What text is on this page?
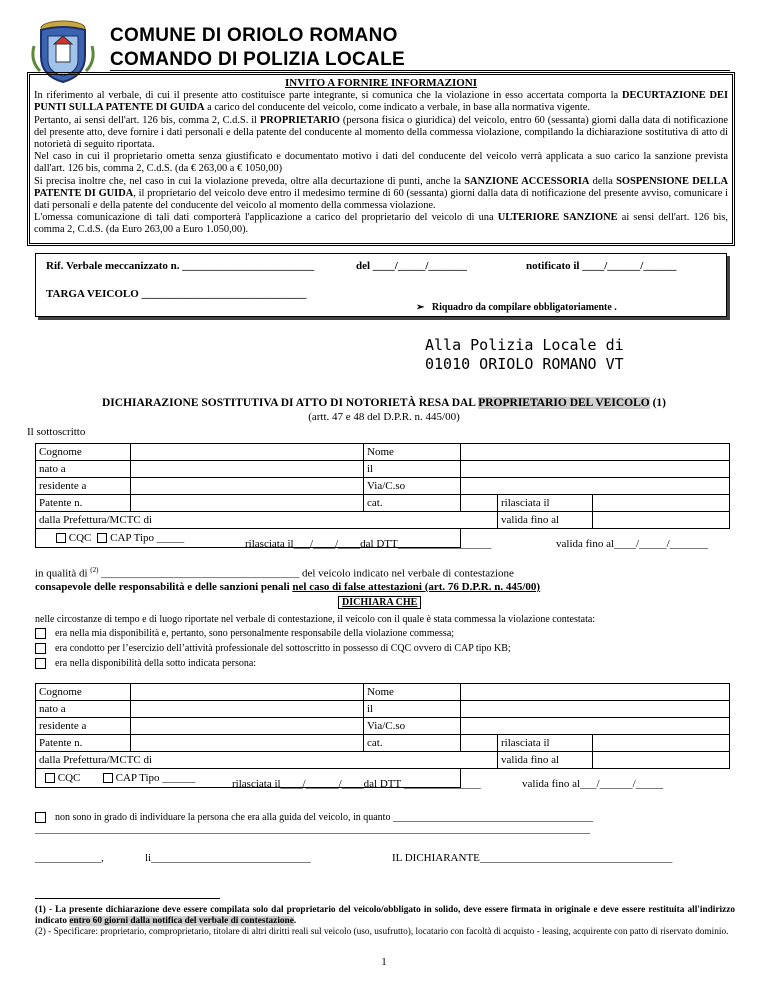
COMUNE DI ORIOLO ROMANO
COMANDO DI POLIZIA LOCALE
INVITO A FORNIRE INFORMAZIONI

In riferimento al verbale, di cui il presente atto costituisce parte integrante, si comunica che la violazione in esso accertata comporta la DECURTAZIONE DEI PUNTI SULLA PATENTE DI GUIDA a carico del conducente del veicolo, come indicato a verbale, in base alla normativa vigente.

Pertanto, ai sensi dell'art. 126 bis, comma 2, C.d.S. il PROPRIETARIO (persona fisica o giuridica) del veicolo, entro 60 (sessanta) giorni dalla data di notificazione del presente atto, deve fornire i dati personali e della patente del conducente al momento della commessa violazione, compilando la dichiarazione sostitutiva di atto di notorietà di seguito riportata.

Nel caso in cui il proprietario ometta senza giustificato e documentato motivo i dati del conducente del veicolo verrà applicata a suo carico la sanzione prevista dall'art. 126 bis, comma 2, C.d.S. (da € 263,00 a € 1050,00)

Si precisa inoltre che, nel caso in cui la violazione preveda, oltre alla decurtazione di punti, anche la SANZIONE ACCESSORIA della SOSPENSIONE DELLA PATENTE DI GUIDA, il proprietario del veicolo deve entro il medesimo termine di 60 (sessanta) giorni dalla data di notificazione del presente avviso, comunicare i dati personali e della patente del conducente del veicolo al momento della commessa violazione.

L'omessa comunicazione di tali dati comporterà l'applicazione a carico del proprietario del veicolo di una ULTERIORE SANZIONE ai sensi dell'art. 126 bis, comma 2, C.d.S. (da Euro 263,00 a Euro 1.050,00).

Rif. Verbale meccanizzato n. ________________________	del ____/_____/_______	notificato il ____/______/______
TARGA VEICOLO ______________________________
➢ Riquadro da compilare obbligatoriamente .
Alla Polizia Locale di
01010 ORIOLO ROMANO VT
DICHIARAZIONE SOSTITUTIVA DI ATTO DI NOTORIETÀ RESA DAL PROPRIETARIO DEL VEICOLO (1)
(artt. 47 e 48 del D.P.R. n. 445/00)
Il sottoscritto
Cognome		Nome			
nato a		il			
residente a		Via/C.so			
Patente n.		cat.		rilasciata il	
dalla Prefettura/MCTC di				valida fino al	
CQC CAP Tipo _____						rilasciata il___/____/____dal DTT_________________	valida fino al____/_____/_______
in qualità di $^{(2)}$ ____________________________________ del veicolo indicato nel verbale di contestazione
consapevole delle responsabilità e delle sanzioni penali nel caso di false attestazioni (art. 76 D.P.R. n. 445/00)
DICHIARA CHE
nelle circostanze di tempo e di luogo riportate nel verbale di contestazione, il veicolo con il quale è stata commessa la violazione contestata:
era nella mia disponibilità e, pertanto, sono personalmente responsabile della violazione commessa;
era condotto per l’esercizio dell’attività professionale del sottoscritto in possesso di CQC ovvero di CAP tipo KB;
era nella disponibilità della sotto indicata persona:
Cognome		Nome			
nato a		il			
residente a		Via/C.so			
Patente n.		cat.		rilasciata il	
dalla Prefettura/MCTC di				valida fino al	
CQC CAP Tipo ______						rilasciata il____/______/____dal DTT ______________	valida fino al___/______/_____
non sono in grado di individuare la persona che era alla guida del veicolo, in quanto ________________________________________
_______________________________________________________________________________________________________________
____________,	li_____________________________	IL DICHIARANTE___________________________________
(1) - La presente dichiarazione deve essere compilata solo dal proprietario del veicolo/obbligato in solido, deve essere firmata in originale e deve essere restituita all'indirizzo indicato entro 60 giorni dalla notifica del verbale di contestazione.
(2) - Specificare: proprietario, comproprietario, titolare di altri diritti reali sul veicolo (uso, usufrutto), locatario con facoltà di acquisto - leasing, acquirente con patto di riservato dominio.
1
